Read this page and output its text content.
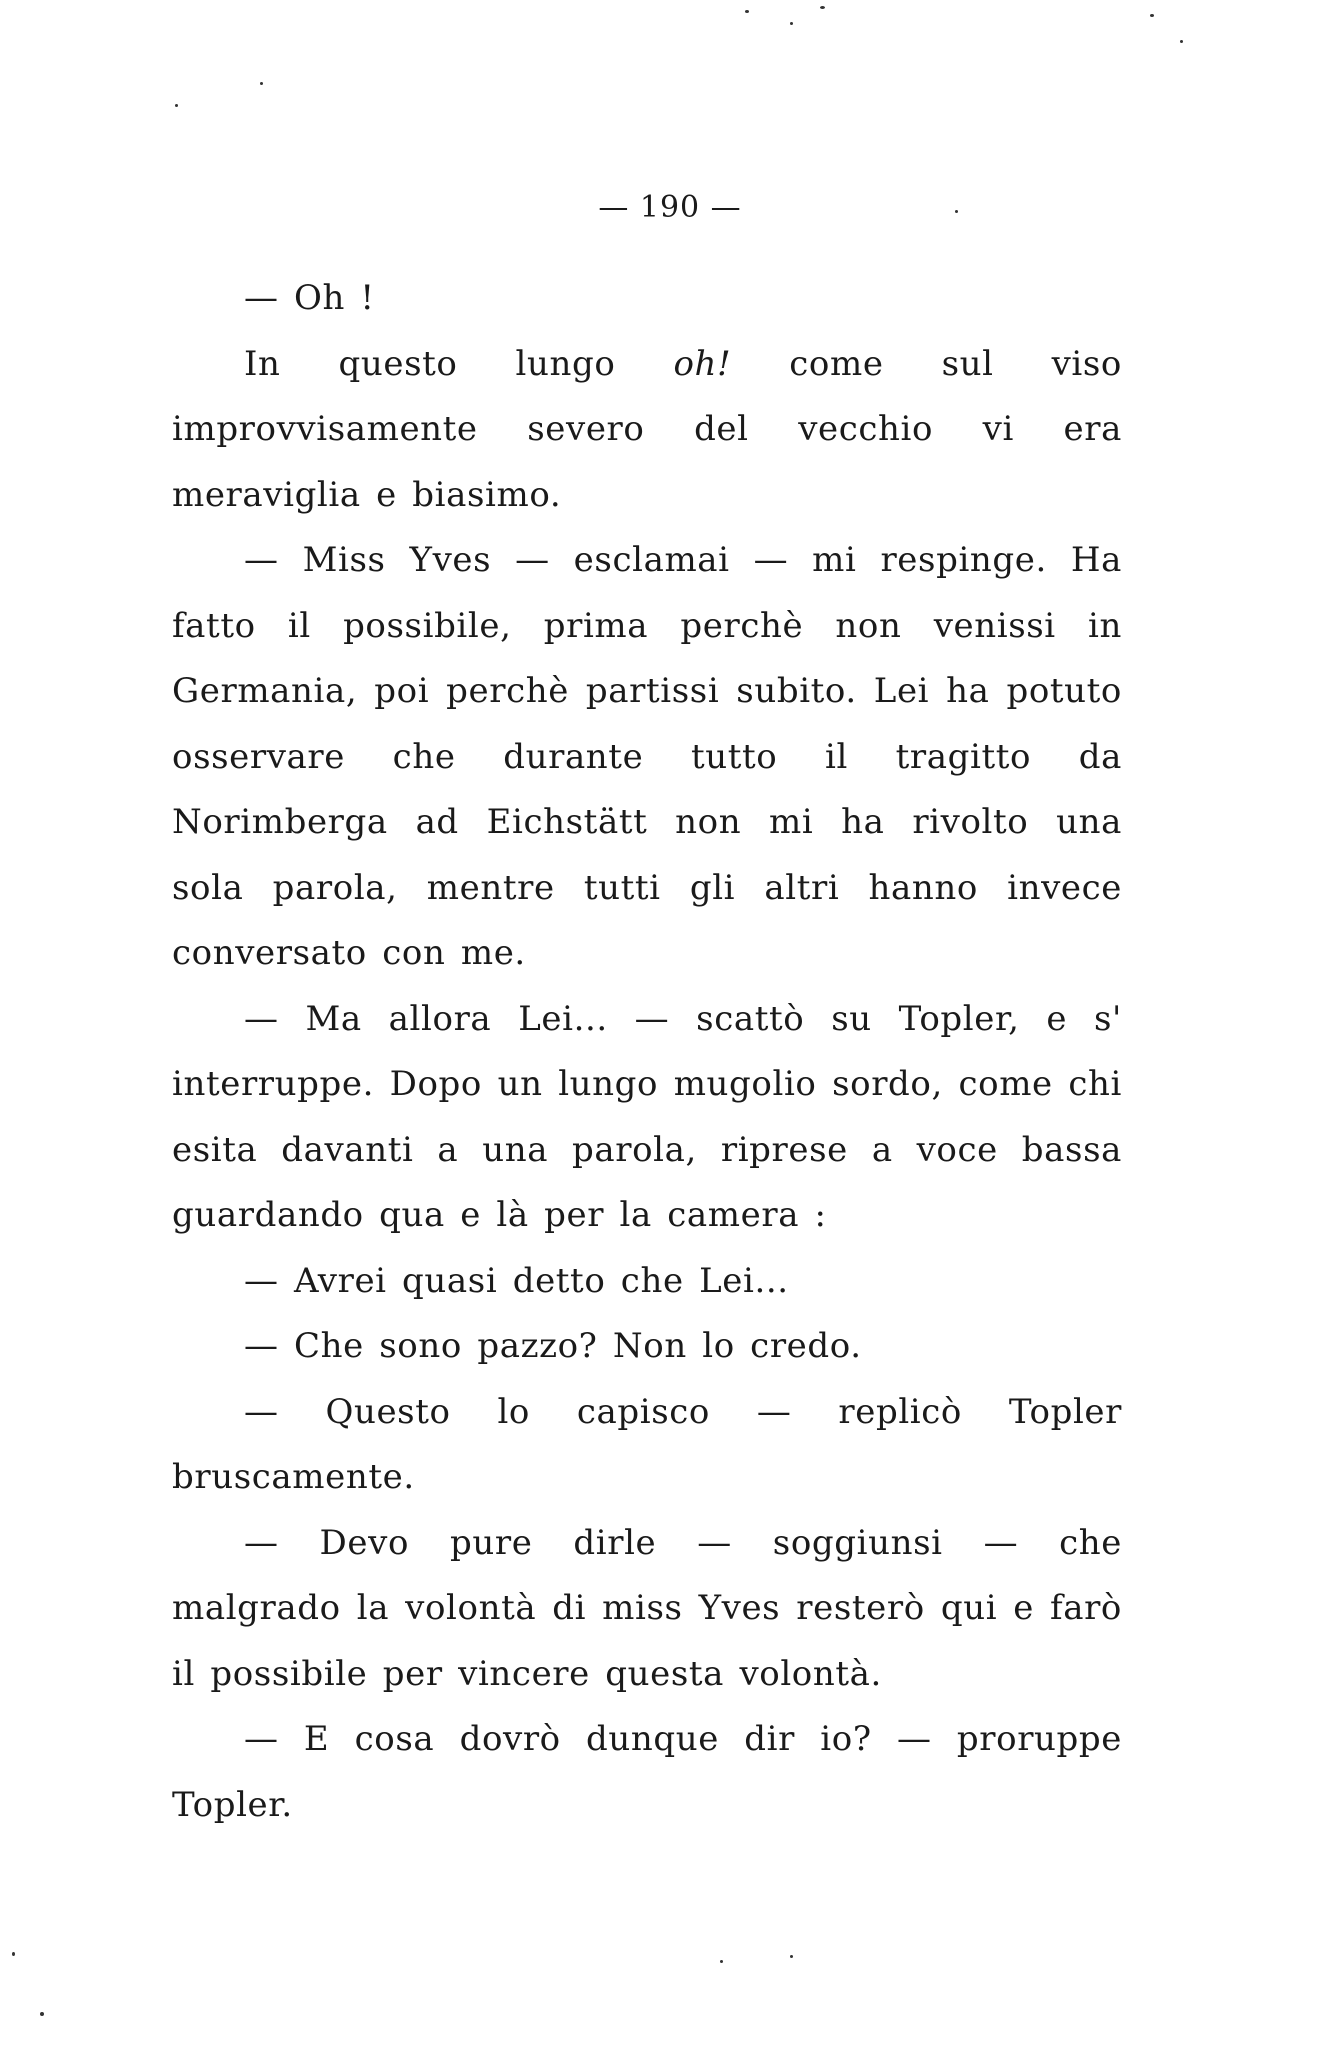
— 190 —

— Oh !

In questo lungo oh! come sul viso improvvisamente severo del vecchio vi era meraviglia e biasimo.

— Miss Yves — esclamai — mi respinge. Ha fatto il possibile, prima perchè non venissi in Germania, poi perchè partissi subito. Lei ha potuto osservare che durante tutto il tragitto da Norimberga ad Eichstätt non mi ha rivolto una sola parola, mentre tutti gli altri hanno invece conversato con me.

— Ma allora Lei... — scattò su Topler, e s' interruppe. Dopo un lungo mugolio sordo, come chi esita davanti a una parola, riprese a voce bassa guardando qua e là per la camera :

— Avrei quasi detto che Lei...

— Che sono pazzo? Non lo credo.

— Questo lo capisco — replicò Topler bruscamente.

— Devo pure dirle — soggiunsi — che malgrado la volontà di miss Yves resterò qui e farò il possibile per vincere questa volontà.

— E cosa dovrò dunque dir io? — proruppe Topler.
